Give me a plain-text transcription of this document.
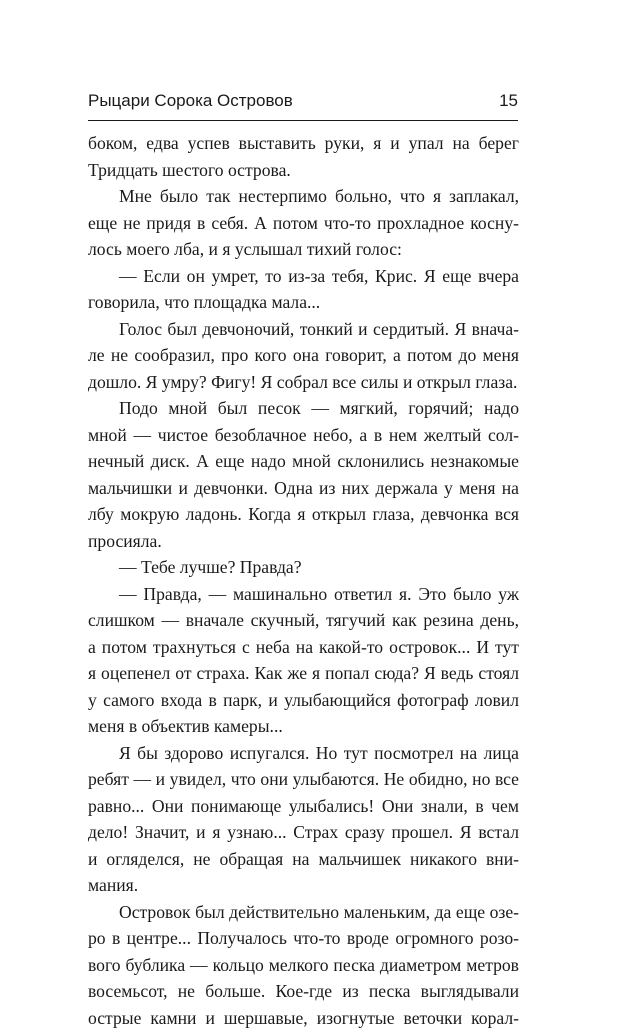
Рыцари Сорока Островов	15
боком, едва успев выставить руки, я и упал на берег
Тридцать шестого острова.
Мне было так нестерпимо больно, что я заплакал,
еще не придя в себя. А потом что-то прохладное коснy-
лось моего лба, и я услышал тихий голос:
— Если он умрет, то из-за тебя, Крис. Я еще вчера
говорила, что площадка мала...
Голос был девчоночий, тонкий и сердитый. Я внача-
ле не сообразил, про кого она говорит, а потом до меня
дошло. Я умру? Фигу! Я собрал все силы и открыл глаза.
Подо мной был песок — мягкий, горячий; надо
мной — чистое безоблачное небо, а в нем желтый сол-
нечный диск. А еще надо мной склонились незнакомые
мальчишки и девчонки. Одна из них держала у меня на
лбу мокрую ладонь. Когда я открыл глаза, девчонка вся
просияла.
— Тебе лучше? Правда?
— Правда, — машинально ответил я. Это было уж
слишком — вначале скучный, тягучий как резина день,
а потом трахнуться с неба на какой-то островок... И тут
я оцепенел от страха. Как же я попал сюда? Я ведь стоял
у самого входа в парк, и улыбающийся фотограф ловил
меня в объектив камеры...
Я бы здорово испугался. Но тут посмотрел на лица
ребят — и увидел, что они улыбаются. Не обидно, но все
равно... Они понимающе улыбались! Они знали, в чем
дело! Значит, и я узнаю... Страх сразу прошел. Я встал
и огляделся, не обращая на мальчишек никакого вни-
мания.
Островок был действительно маленьким, да еще озе-
ро в центре... Получалось что-то вроде огромного розо-
вого бублика — кольцо мелкого песка диаметром метров
восемьсот, не больше. Кое-где из песка выглядывали
острые камни и шершавые, изогнутые веточки корал-
